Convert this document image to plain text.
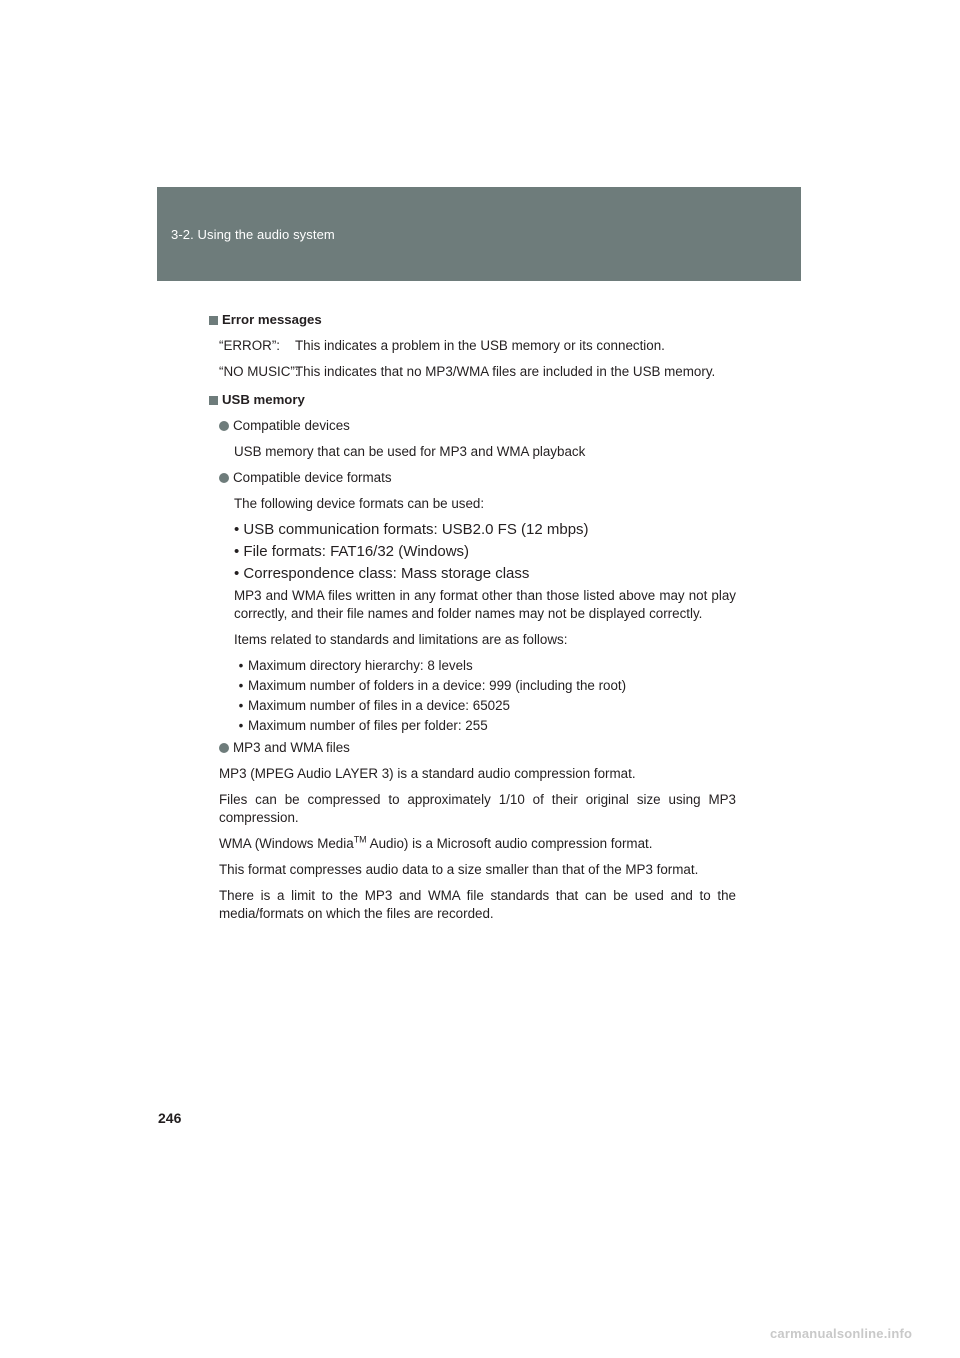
3-2. Using the audio system
Error messages
“ERROR”:	This indicates a problem in the USB memory or its connection.
“NO MUSIC”:
This indicates that no MP3/WMA files are included in the USB memory.
USB memory
Compatible devices
USB memory that can be used for MP3 and WMA playback
Compatible device formats
The following device formats can be used:
• USB communication formats: USB2.0 FS (12 mbps)
• File formats: FAT16/32 (Windows)
• Correspondence class: Mass storage class
MP3 and WMA files written in any format other than those listed above may not play correctly, and their file names and folder names may not be displayed correctly.
Items related to standards and limitations are as follows:
• Maximum directory hierarchy: 8 levels
• Maximum number of folders in a device: 999 (including the root)
• Maximum number of files in a device: 65025
• Maximum number of files per folder: 255
MP3 and WMA files
MP3 (MPEG Audio LAYER 3) is a standard audio compression format.
Files can be compressed to approximately 1/10 of their original size using MP3 compression.
WMA (Windows Media™ Audio) is a Microsoft audio compression format.
This format compresses audio data to a size smaller than that of the MP3 format.
There is a limit to the MP3 and WMA file standards that can be used and to the media/formats on which the files are recorded.
246
carmanualsonline.info
